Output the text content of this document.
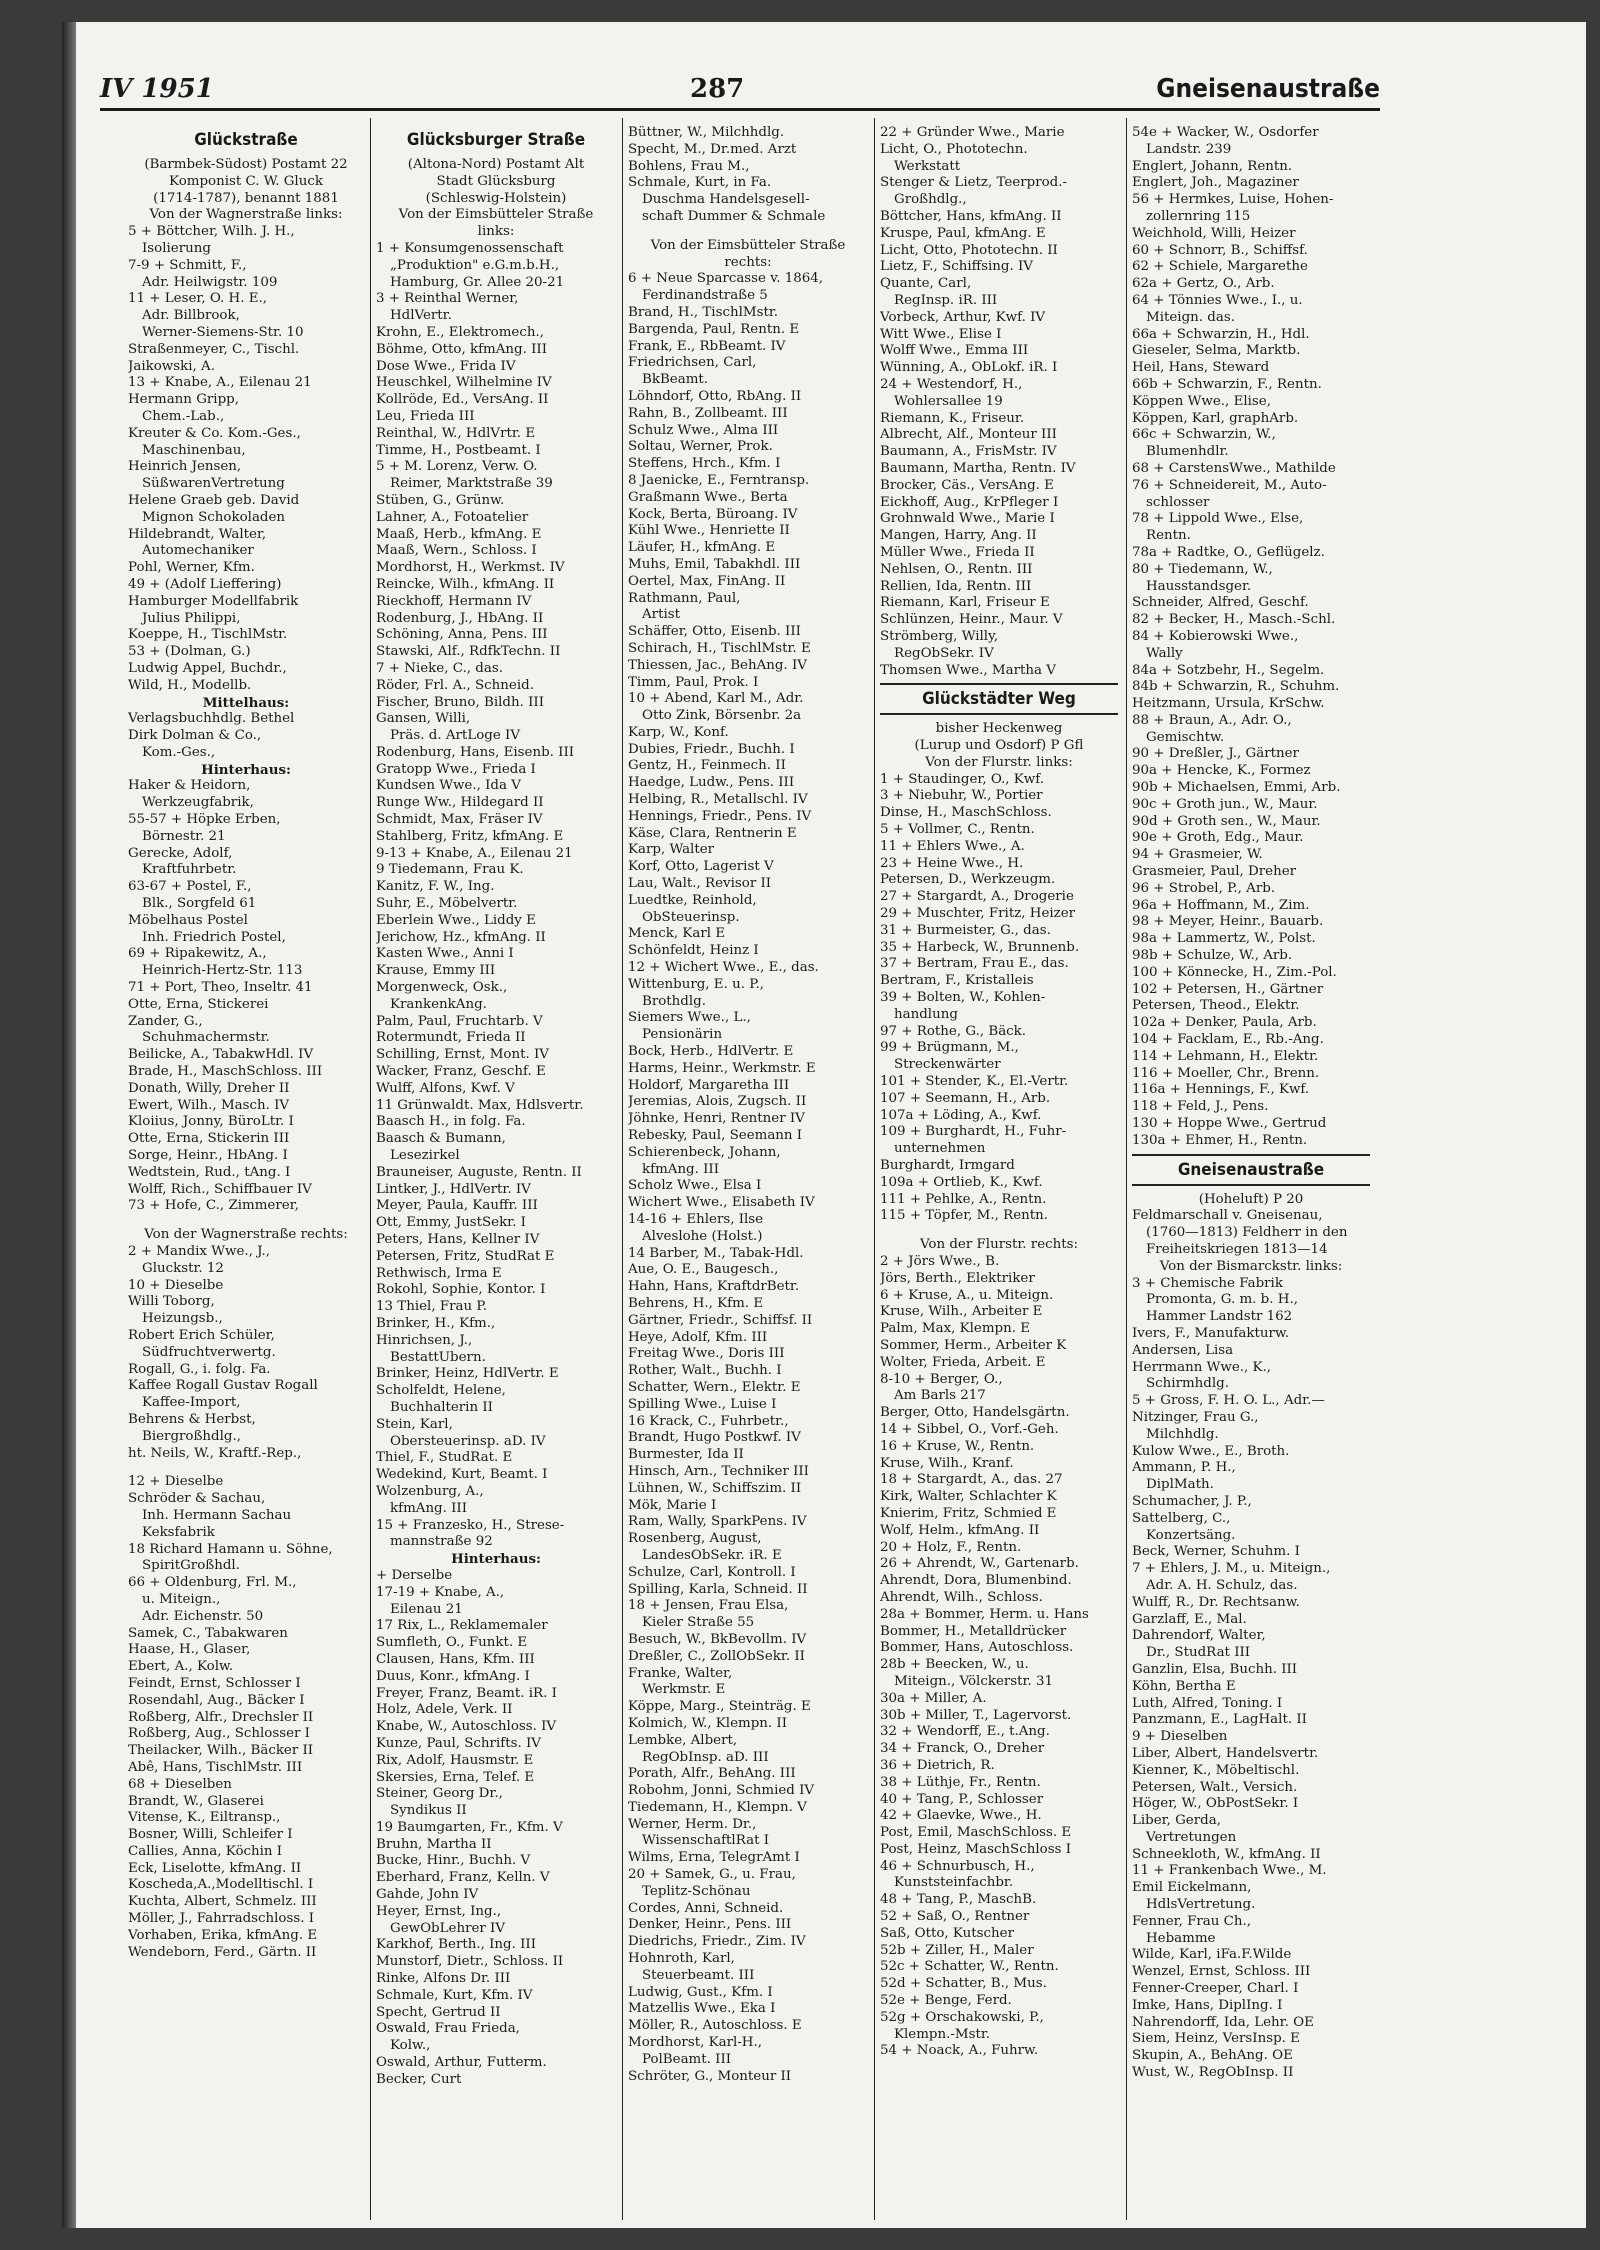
IV 1951	287	Gneisenaustraße
Glückstraße
(Barmbek-Südost) Postamt 22
Komponist C. W. Gluck
(1714-1787), benannt 1881
Von der Wagnerstraße links:
5 + Böttcher, Wilh. J. H.,
Isolierung
7-9 + Schmitt, F.,
Adr. Heilwigstr. 109
11 + Leser, O. H. E.,
Adr. Billbrook,
Werner-Siemens-Str. 10
Straßenmeyer, C., Tischl.
Jaikowski, A.
13 + Knabe, A., Eilenau 21
Hermann Gripp,
Chem.-Lab.,
Kreuter & Co. Kom.-Ges.,
Maschinenbau,
Heinrich Jensen,
SüßwarenVertretung
Helene Graeb geb. David
Mignon Schokoladen
Hildebrandt, Walter,
Automechaniker
Pohl, Werner, Kfm.
49 + (Adolf Lieffering)
Hamburger Modellfabrik
Julius Philippi,
Koeppe, H., TischlMstr.
53 + (Dolman, G.)
Ludwig Appel, Buchdr.,
Wild, H., Modellb.
Mittelhaus:
Verlagsbuchhdlg. Bethel
Dirk Dolman & Co.,
Kom.-Ges.,
Hinterhaus:
Haker & Heidorn,
Werkzeugfabrik,
55-57 + Höpke Erben,
Börnestr. 21
Gerecke, Adolf,
Kraftfuhrbetr.
63-67 + Postel, F.,
Blk., Sorgfeld 61
Möbelhaus Postel
Inh. Friedrich Postel,
69 + Ripakewitz, A.,
Heinrich-Hertz-Str. 113
71 + Port, Theo, Inseltr. 41
Otte, Erna, Stickerei
Zander, G.,
Schuhmachermstr.
Beilicke, A., TabakwHdl. IV
Brade, H., MaschSchloss. III
Donath, Willy, Dreher II
Ewert, Wilh., Masch. IV
Kloiius, Jonny, BüroLtr. I
Otte, Erna, Stickerin III
Sorge, Heinr., HbAng. I
Wedtstein, Rud., tAng. I
Wolff, Rich., Schiffbauer IV
73 + Hofe, C., Zimmerer,
Von der Wagnerstraße rechts:
2 + Mandix Wwe., J.,
Gluckstr. 12
10 + Dieselbe
Willi Toborg,
Heizungsb.,
Robert Erich Schüler,
Südfruchtverwertg.
Rogall, G., i. folg. Fa.
Kaffee Rogall Gustav Rogall
Kaffee-Import,
Behrens & Herbst,
Biergroßhdlg.,
ht. Neils, W., Kraftf.-Rep.,
12 + Dieselbe
Schröder & Sachau,
Inh. Hermann Sachau
Keksfabrik
18 Richard Hamann u. Söhne,
SpiritGroßhdl.
66 + Oldenburg, Frl. M.,
u. Miteign.,
Adr. Eichenstr. 50
Samek, C., Tabakwaren
Haase, H., Glaser,
Ebert, A., Kolw.
Feindt, Ernst, Schlosser I
Rosendahl, Aug., Bäcker I
Roßberg, Alfr., Drechsler II
Roßberg, Aug., Schlosser I
Theilacker, Wilh., Bäcker II
Abê, Hans, TischlMstr. III
68 + Dieselben
Brandt, W., Glaserei
Vitense, K., Eiltransp.,
Bosner, Willi, Schleifer I
Callies, Anna, Köchin I
Eck, Liselotte, kfmAng. II
Koscheda,A.,Modelltischl. I
Kuchta, Albert, Schmelz. III
Möller, J., Fahrradschloss. I
Vorhaben, Erika, kfmAng. E
Wendeborn, Ferd., Gärtn. II
Glücksburger Straße
(Altona-Nord) Postamt Alt
Stadt Glücksburg
(Schleswig-Holstein)
Von der Eimsbütteler Straße
links:
1 + Konsumgenossenschaft
„Produktion" e.G.m.b.H.,
Hamburg, Gr. Allee 20-21
3 + Reinthal Werner,
HdlVertr.
Krohn, E., Elektromech.,
Böhme, Otto, kfmAng. III
Dose Wwe., Frida IV
Heuschkel, Wilhelmine IV
Kollröde, Ed., VersAng. II
Leu, Frieda III
Reinthal, W., HdlVrtr. E
Timme, H., Postbeamt. I
5 + M. Lorenz, Verw. O.
Reimer, Marktstraße 39
Stüben, G., Grünw.
Lahner, A., Fotoatelier
Maaß, Herb., kfmAng. E
Maaß, Wern., Schloss. I
Mordhorst, H., Werkmst. IV
Reincke, Wilh., kfmAng. II
Rieckhoff, Hermann IV
Rodenburg, J., HbAng. II
Schöning, Anna, Pens. III
Stawski, Alf., RdfkTechn. II
7 + Nieke, C., das.
Röder, Frl. A., Schneid.
Fischer, Bruno, Bildh. III
Gansen, Willi,
Präs. d. ArtLoge IV
Rodenburg, Hans, Eisenb. III
Gratopp Wwe., Frieda I
Kundsen Wwe., Ida V
Runge Ww., Hildegard II
Schmidt, Max, Fräser IV
Stahlberg, Fritz, kfmAng. E
9-13 + Knabe, A., Eilenau 21
9 Tiedemann, Frau K.
Kanitz, F. W., Ing.
Suhr, E., Möbelvertr.
Eberlein Wwe., Liddy E
Jerichow, Hz., kfmAng. II
Kasten Wwe., Anni I
Krause, Emmy III
Morgenweck, Osk.,
KrankenkAng.
Palm, Paul, Fruchtarb. V
Rotermundt, Frieda II
Schilling, Ernst, Mont. IV
Wacker, Franz, Geschf. E
Wulff, Alfons, Kwf. V
11 Grünwaldt. Max, Hdlsvertr.
Baasch H., in folg. Fa.
Baasch & Bumann,
Lesezirkel
Brauneiser, Auguste, Rentn. II
Lintker, J., HdlVertr. IV
Meyer, Paula, Kauffr. III
Ott, Emmy, JustSekr. I
Peters, Hans, Kellner IV
Petersen, Fritz, StudRat E
Rethwisch, Irma E
Rokohl, Sophie, Kontor. I
13 Thiel, Frau P.
Brinker, H., Kfm.,
Hinrichsen, J.,
BestattUbern.
Brinker, Heinz, HdlVertr. E
Scholfeldt, Helene,
Buchhalterin II
Stein, Karl,
Obersteuerinsp. aD. IV
Thiel, F., StudRat. E
Wedekind, Kurt, Beamt. I
Wolzenburg, A.,
kfmAng. III
15 + Franzesko, H., Strese-
mannstraße 92
Hinterhaus:
+ Derselbe
17-19 + Knabe, A.,
Eilenau 21
17 Rix, L., Reklamemaler
Sumfleth, O., Funkt. E
Clausen, Hans, Kfm. III
Duus, Konr., kfmAng. I
Freyer, Franz, Beamt. iR. I
Holz, Adele, Verk. II
Knabe, W., Autoschloss. IV
Kunze, Paul, Schrifts. IV
Rix, Adolf, Hausmstr. E
Skersies, Erna, Telef. E
Steiner, Georg Dr.,
Syndikus II
19 Baumgarten, Fr., Kfm. V
Bruhn, Martha II
Bucke, Hinr., Buchh. V
Eberhard, Franz, Kelln. V
Gahde, John IV
Heyer, Ernst, Ing.,
GewObLehrer IV
Karkhof, Berth., Ing. III
Munstorf, Dietr., Schloss. II
Rinke, Alfons Dr. III
Schmale, Kurt, Kfm. IV
Specht, Gertrud II
Oswald, Frau Frieda,
Kolw.,
Oswald, Arthur, Futterm.
Becker, Curt
Büttner, W., Milchhdlg.
Specht, M., Dr.med. Arzt
Bohlens, Frau M.,
Schmale, Kurt, in Fa.
Duschma Handelsgesell-
schaft Dummer & Schmale
Von der Eimsbütteler Straße
rechts:
6 + Neue Sparcasse v. 1864,
Ferdinandstraße 5
Brand, H., TischlMstr.
Bargenda, Paul, Rentn. E
Frank, E., RbBeamt. IV
Friedrichsen, Carl,
BkBeamt.
Löhndorf, Otto, RbAng. II
Rahn, B., Zollbeamt. III
Schulz Wwe., Alma III
Soltau, Werner, Prok.
Steffens, Hrch., Kfm. I
8 Jaenicke, E., Ferntransp.
Graßmann Wwe., Berta
Kock, Berta, Büroang. IV
Kühl Wwe., Henriette II
Läufer, H., kfmAng. E
Muhs, Emil, Tabakhdl. III
Oertel, Max, FinAng. II
Rathmann, Paul,
Artist
Schäffer, Otto, Eisenb. III
Schirach, H., TischlMstr. E
Thiessen, Jac., BehAng. IV
Timm, Paul, Prok. I
10 + Abend, Karl M., Adr.
Otto Zink, Börsenbr. 2a
Karp, W., Konf.
Dubies, Friedr., Buchh. I
Gentz, H., Feinmech. II
Haedge, Ludw., Pens. III
Helbing, R., Metallschl. IV
Hennings, Friedr., Pens. IV
Käse, Clara, Rentnerin E
Karp, Walter
Korf, Otto, Lagerist V
Lau, Walt., Revisor II
Luedtke, Reinhold,
ObSteuerinsp.
Menck, Karl E
Schönfeldt, Heinz I
12 + Wichert Wwe., E., das.
Wittenburg, E. u. P.,
Brothdlg.
Siemers Wwe., L.,
Pensionärin
Bock, Herb., HdlVertr. E
Harms, Heinr., Werkmstr. E
Holdorf, Margaretha III
Jeremias, Alois, Zugsch. II
Jöhnke, Henri, Rentner IV
Rebesky, Paul, Seemann I
Schierenbeck, Johann,
kfmAng. III
Scholz Wwe., Elsa I
Wichert Wwe., Elisabeth IV
14-16 + Ehlers, Ilse
Alveslohe (Holst.)
14 Barber, M., Tabak-Hdl.
Aue, O. E., Baugesch.,
Hahn, Hans, KraftdrBetr.
Behrens, H., Kfm. E
Gärtner, Friedr., Schiffsf. II
Heye, Adolf, Kfm. III
Freitag Wwe., Doris III
Rother, Walt., Buchh. I
Schatter, Wern., Elektr. E
Spilling Wwe., Luise I
16 Krack, C., Fuhrbetr.,
Brandt, Hugo Postkwf. IV
Burmester, Ida II
Hinsch, Arn., Techniker III
Lühnen, W., Schiffszim. II
Mök, Marie I
Ram, Wally, SparkPens. IV
Rosenberg, August,
LandesObSekr. iR. E
Schulze, Carl, Kontroll. I
Spilling, Karla, Schneid. II
18 + Jensen, Frau Elsa,
Kieler Straße 55
Besuch, W., BkBevollm. IV
Dreßler, C., ZollObSekr. II
Franke, Walter,
Werkmstr. E
Köppe, Marg., Steinträg. E
Kolmich, W., Klempn. II
Lembke, Albert,
RegObInsp. aD. III
Porath, Alfr., BehAng. III
Robohm, Jonni, Schmied IV
Tiedemann, H., Klempn. V
Werner, Herm. Dr.,
WissenschaftlRat I
Wilms, Erna, TelegrAmt I
20 + Samek, G., u. Frau,
Teplitz-Schönau
Cordes, Anni, Schneid.
Denker, Heinr., Pens. III
Diedrichs, Friedr., Zim. IV
Hohnroth, Karl,
Steuerbeamt. III
Ludwig, Gust., Kfm. I
Matzellis Wwe., Eka I
Möller, R., Autoschloss. E
Mordhorst, Karl-H.,
PolBeamt. III
Schröter, G., Monteur II
22 + Gründer Wwe., Marie
Licht, O., Phototechn.
Werkstatt
Stenger & Lietz, Teerprod.-
Großhdlg.,
Böttcher, Hans, kfmAng. II
Kruspe, Paul, kfmAng. E
Licht, Otto, Phototechn. II
Lietz, F., Schiffsing. IV
Quante, Carl,
RegInsp. iR. III
Vorbeck, Arthur, Kwf. IV
Witt Wwe., Elise I
Wolff Wwe., Emma III
Wünning, A., ObLokf. iR. I
24 + Westendorf, H.,
Wohlersallee 19
Riemann, K., Friseur.
Albrecht, Alf., Monteur III
Baumann, A., FrisMstr. IV
Baumann, Martha, Rentn. IV
Brocker, Cäs., VersAng. E
Eickhoff, Aug., KrPfleger I
Grohnwald Wwe., Marie I
Mangen, Harry, Ang. II
Müller Wwe., Frieda II
Nehlsen, O., Rentn. III
Rellien, Ida, Rentn. III
Riemann, Karl, Friseur E
Schlünzen, Heinr., Maur. V
Strömberg, Willy,
RegObSekr. IV
Thomsen Wwe., Martha V
Glückstädter Weg
bisher Heckenweg
(Lurup und Osdorf) P Gfl
Von der Flurstr. links:
1 + Staudinger, O., Kwf.
3 + Niebuhr, W., Portier
Dinse, H., MaschSchloss.
5 + Vollmer, C., Rentn.
11 + Ehlers Wwe., A.
23 + Heine Wwe., H.
Petersen, D., Werkzeugm.
27 + Stargardt, A., Drogerie
29 + Muschter, Fritz, Heizer
31 + Burmeister, G., das.
35 + Harbeck, W., Brunnenb.
37 + Bertram, Frau E., das.
Bertram, F., Kristalleis
39 + Bolten, W., Kohlen-
handlung
97 + Rothe, G., Bäck.
99 + Brügmann, M.,
Streckenwärter
101 + Stender, K., El.-Vertr.
107 + Seemann, H., Arb.
107a + Löding, A., Kwf.
109 + Burghardt, H., Fuhr-
unternehmen
Burghardt, Irmgard
109a + Ortlieb, K., Kwf.
111 + Pehlke, A., Rentn.
115 + Töpfer, M., Rentn.
Von der Flurstr. rechts:
2 + Jörs Wwe., B.
Jörs, Berth., Elektriker
6 + Kruse, A., u. Miteign.
Kruse, Wilh., Arbeiter E
Palm, Max, Klempn. E
Sommer, Herm., Arbeiter K
Wolter, Frieda, Arbeit. E
8-10 + Berger, O.,
Am Barls 217
Berger, Otto, Handelsgärtn.
14 + Sibbel, O., Vorf.-Geh.
16 + Kruse, W., Rentn.
Kruse, Wilh., Kranf.
18 + Stargardt, A., das. 27
Kirk, Walter, Schlachter K
Knierim, Fritz, Schmied E
Wolf, Helm., kfmAng. II
20 + Holz, F., Rentn.
26 + Ahrendt, W., Gartenarb.
Ahrendt, Dora, Blumenbind.
Ahrendt, Wilh., Schloss.
28a + Bommer, Herm. u. Hans
Bommer, H., Metalldrücker
Bommer, Hans, Autoschloss.
28b + Beecken, W., u.
Miteign., Völckerstr. 31
30a + Miller, A.
30b + Miller, T., Lagervorst.
32 + Wendorff, E., t.Ang.
34 + Franck, O., Dreher
36 + Dietrich, R.
38 + Lüthje, Fr., Rentn.
40 + Tang, P., Schlosser
42 + Glaevke, Wwe., H.
Post, Emil, MaschSchloss. E
Post, Heinz, MaschSchloss I
46 + Schnurbusch, H.,
Kunststeinfachbr.
48 + Tang, P., MaschB.
52 + Saß, O., Rentner
Saß, Otto, Kutscher
52b + Ziller, H., Maler
52c + Schatter, W., Rentn.
52d + Schatter, B., Mus.
52e + Benge, Ferd.
52g + Orschakowski, P.,
Klempn.-Mstr.
54 + Noack, A., Fuhrw.
54e + Wacker, W., Osdorfer
Landstr. 239
Englert, Johann, Rentn.
Englert, Joh., Magaziner
56 + Hermkes, Luise, Hohen-
zollernring 115
Weichhold, Willi, Heizer
60 + Schnorr, B., Schiffsf.
62 + Schiele, Margarethe
62a + Gertz, O., Arb.
64 + Tönnies Wwe., I., u.
Miteign. das.
66a + Schwarzin, H., Hdl.
Gieseler, Selma, Marktb.
Heil, Hans, Steward
66b + Schwarzin, F., Rentn.
Köppen Wwe., Elise,
Köppen, Karl, graphArb.
66c + Schwarzin, W.,
Blumenhdlr.
68 + CarstensWwe., Mathilde
76 + Schneidereit, M., Auto-
schlosser
78 + Lippold Wwe., Else,
Rentn.
78a + Radtke, O., Geflügelz.
80 + Tiedemann, W.,
Hausstandsger.
Schneider, Alfred, Geschf.
82 + Becker, H., Masch.-Schl.
84 + Kobierowski Wwe.,
Wally
84a + Sotzbehr, H., Segelm.
84b + Schwarzin, R., Schuhm.
Heitzmann, Ursula, KrSchw.
88 + Braun, A., Adr. O.,
Gemischtw.
90 + Dreßler, J., Gärtner
90a + Hencke, K., Formez
90b + Michaelsen, Emmi, Arb.
90c + Groth jun., W., Maur.
90d + Groth sen., W., Maur.
90e + Groth, Edg., Maur.
94 + Grasmeier, W.
Grasmeier, Paul, Dreher
96 + Strobel, P., Arb.
96a + Hoffmann, M., Zim.
98 + Meyer, Heinr., Bauarb.
98a + Lammertz, W., Polst.
98b + Schulze, W., Arb.
100 + Könnecke, H., Zim.-Pol.
102 + Petersen, H., Gärtner
Petersen, Theod., Elektr.
102a + Denker, Paula, Arb.
104 + Facklam, E., Rb.-Ang.
114 + Lehmann, H., Elektr.
116 + Moeller, Chr., Brenn.
116a + Hennings, F., Kwf.
118 + Feld, J., Pens.
130 + Hoppe Wwe., Gertrud
130a + Ehmer, H., Rentn.
Gneisenaustraße
(Hoheluft) P 20
Feldmarschall v. Gneisenau,
(1760—1813) Feldherr in den
Freiheitskriegen 1813—14
Von der Bismarckstr. links:
3 + Chemische Fabrik
Promonta, G. m. b. H.,
Hammer Landstr 162
Ivers, F., Manufakturw.
Andersen, Lisa
Herrmann Wwe., K.,
Schirmhdlg.
5 + Gross, F. H. O. L., Adr.—
Nitzinger, Frau G.,
Milchhdlg.
Kulow Wwe., E., Broth.
Ammann, P. H.,
DiplMath.
Schumacher, J. P.,
Sattelberg, C.,
Konzertsäng.
Beck, Werner, Schuhm. I
7 + Ehlers, J. M., u. Miteign.,
Adr. A. H. Schulz, das.
Wulff, R., Dr. Rechtsanw.
Garzlaff, E., Mal.
Dahrendorf, Walter,
Dr., StudRat III
Ganzlin, Elsa, Buchh. III
Köhn, Bertha E
Luth, Alfred, Toning. I
Panzmann, E., LagHalt. II
9 + Dieselben
Liber, Albert, Handelsvertr.
Kienner, K., Möbeltischl.
Petersen, Walt., Versich.
Höger, W., ObPostSekr. I
Liber, Gerda,
Vertretungen
Schneekloth, W., kfmAng. II
11 + Frankenbach Wwe., M.
Emil Eickelmann,
HdlsVertretung.
Fenner, Frau Ch.,
Hebamme
Wilde, Karl, iFa.F.Wilde
Wenzel, Ernst, Schloss. III
Fenner-Creeper, Charl. I
Imke, Hans, DiplIng. I
Nahrendorff, Ida, Lehr. OE
Siem, Heinz, VersInsp. E
Skupin, A., BehAng. OE
Wust, W., RegObInsp. II
